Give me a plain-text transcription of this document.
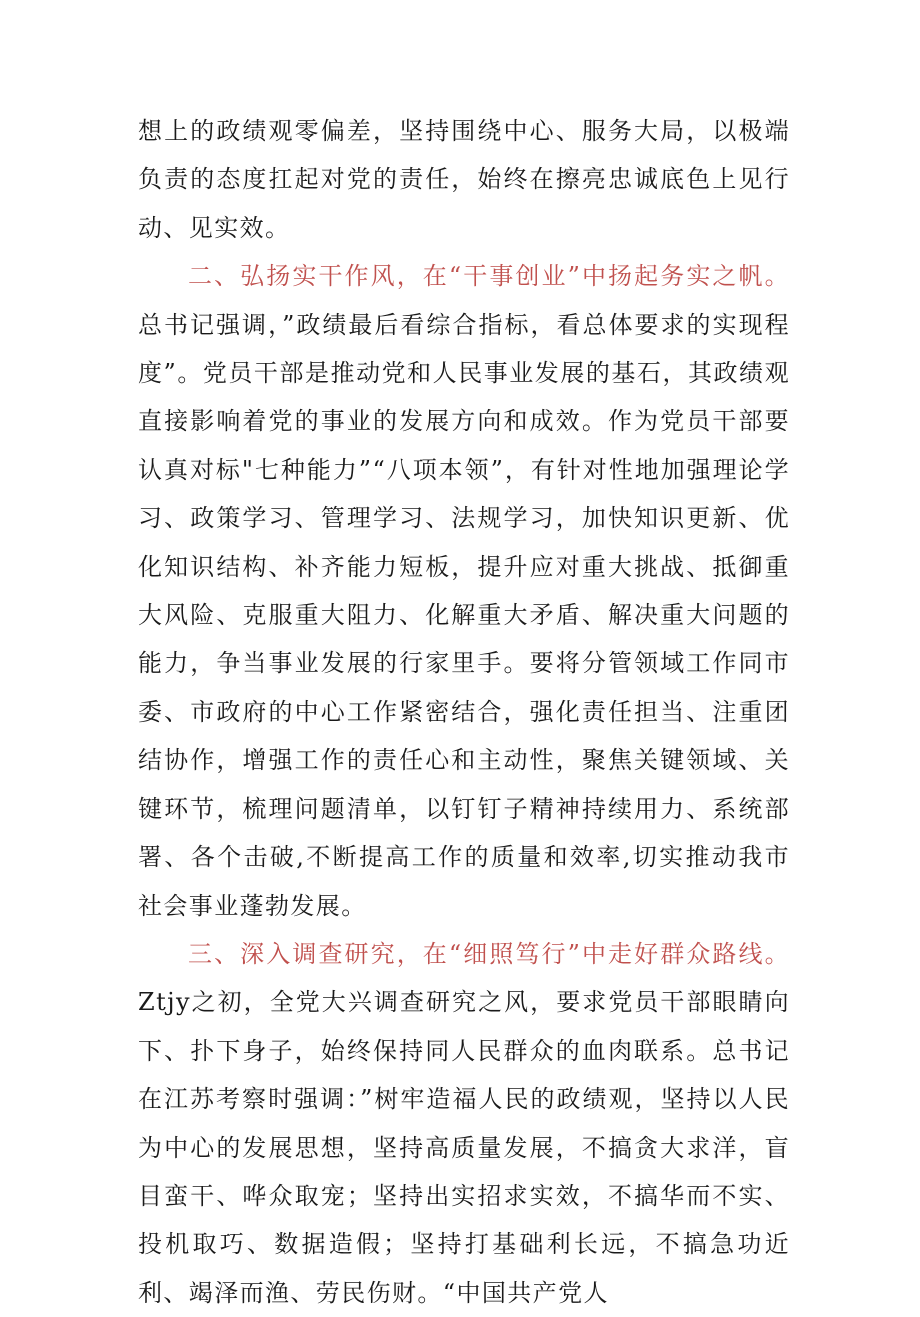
想上的政绩观零偏差，坚持围绕中心、服务大局，以极端负责的态度扛起对党的责任，始终在擦亮忠诚底色上见行动、见实效。

二、弘扬实干作风，在“干事创业”中扬起务实之帆。总书记强调，”政绩最后看综合指标，看总体要求的实现程度”。党员干部是推动党和人民事业发展的基石，其政绩观直接影响着党的事业的发展方向和成效。作为党员干部要认真对标"七种能力”“八项本领”，有针对性地加强理论学习、政策学习、管理学习、法规学习，加快知识更新、优化知识结构、补齐能力短板，提升应对重大挑战、抵御重大风险、克服重大阻力、化解重大矛盾、解决重大问题的能力，争当事业发展的行家里手。要将分管领域工作同市委、市政府的中心工作紧密结合，强化责任担当、注重团结协作，增强工作的责任心和主动性，聚焦关键领域、关键环节，梳理问题清单，以钉钉子精神持续用力、系统部署、各个击破,不断提高工作的质量和效率,切实推动我市社会事业蓬勃发展。

三、深入调查研究，在“细照笃行”中走好群众路线。Ztjy之初，全党大兴调查研究之风，要求党员干部眼睛向下、扑下身子，始终保持同人民群众的血肉联系。总书记在江苏考察时强调：”树牢造福人民的政绩观，坚持以人民为中心的发展思想，坚持高质量发展，不搞贪大求洋，盲目蛮干、哗众取宠；坚持出实招求实效，不搞华而不实、投机取巧、数据造假；坚持打基础利长远，不搞急功近利、竭泽而渔、劳民伤财。“中国共产党人
